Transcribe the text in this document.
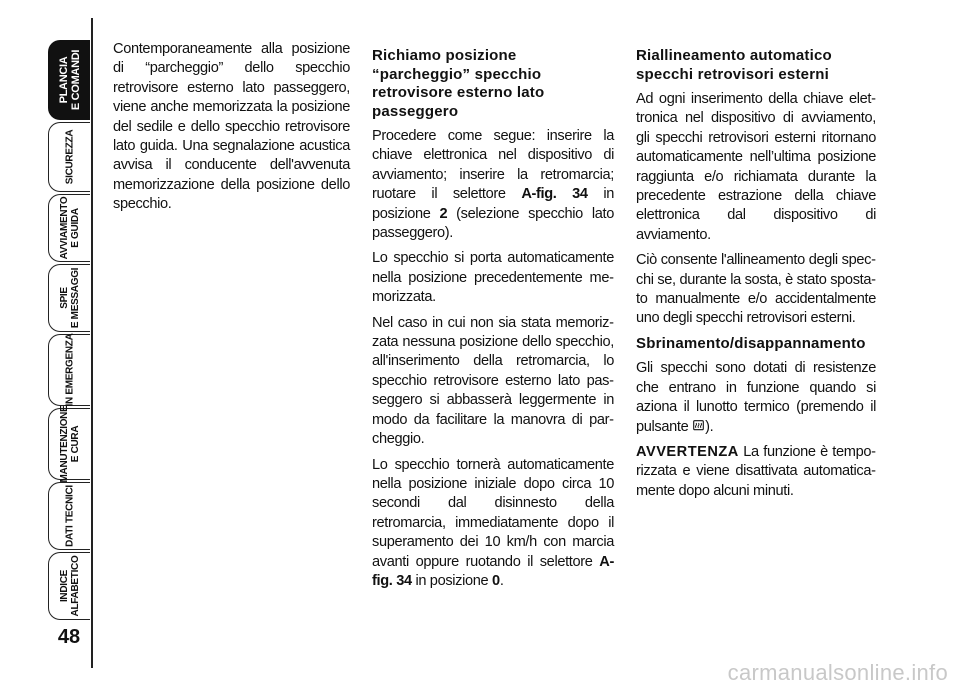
PLANCIA
E COMANDI
SICUREZZA
AVVIAMENTO
E GUIDA
SPIE
E MESSAGGI
IN EMERGENZA
MANUTENZIONE
E CURA
DATI TECNICI
INDICE
ALFABETICO
48

Contemporaneamente alla posizione di “parcheggio” dello specchio retrovisore esterno lato passeggero, viene anche memorizzata la posizione del sedile e dello specchio retrovisore lato guida. Una segnalazione acustica avvisa il conducente dell'avvenuta memorizzazione della posizione dello specchio.

Richiamo posizione “parcheggio” specchio retrovisore esterno lato passeggero

Procedere come segue: inserire la chiave elettronica nel dispositivo di avviamento; inserire la retromarcia; ruotare il selettore A-fig. 34 in posizione 2 (selezione specchio lato passeggero).

Lo specchio si porta automaticamente nella posizione precedentemente memorizzata.

Nel caso in cui non sia stata memorizzata nessuna posizione dello specchio, all'inserimento della retromarcia, lo specchio retrovisore esterno lato passeggero si abbasserà leggermente in modo da facilitare la manovra di parcheggio.

Lo specchio tornerà automaticamente nella posizione iniziale dopo circa 10 secondi dal disinnesto della retromarcia, immediatamente dopo il superamento dei 10 km/h con marcia avanti oppure ruotando il selettore A-fig. 34 in posizione 0.

Riallineamento automatico specchi retrovisori esterni

Ad ogni inserimento della chiave elettronica nel dispositivo di avviamento, gli specchi retrovisori esterni ritornano automaticamente nell’ultima posizione raggiunta e/o richiamata durante la precedente estrazione della chiave elettronica dal dispositivo di avviamento.

Ciò consente l'allineamento degli specchi se, durante la sosta, è stato spostato manualmente e/o accidentalmente uno degli specchi retrovisori esterni.

Sbrinamento/disappannamento

Gli specchi sono dotati di resistenze che entrano in funzione quando si aziona il lunotto termico (premendo il pulsante ).

AVVERTENZA La funzione è temporizzata e viene disattivata automaticamente dopo alcuni minuti.

carmanualsonline.info
